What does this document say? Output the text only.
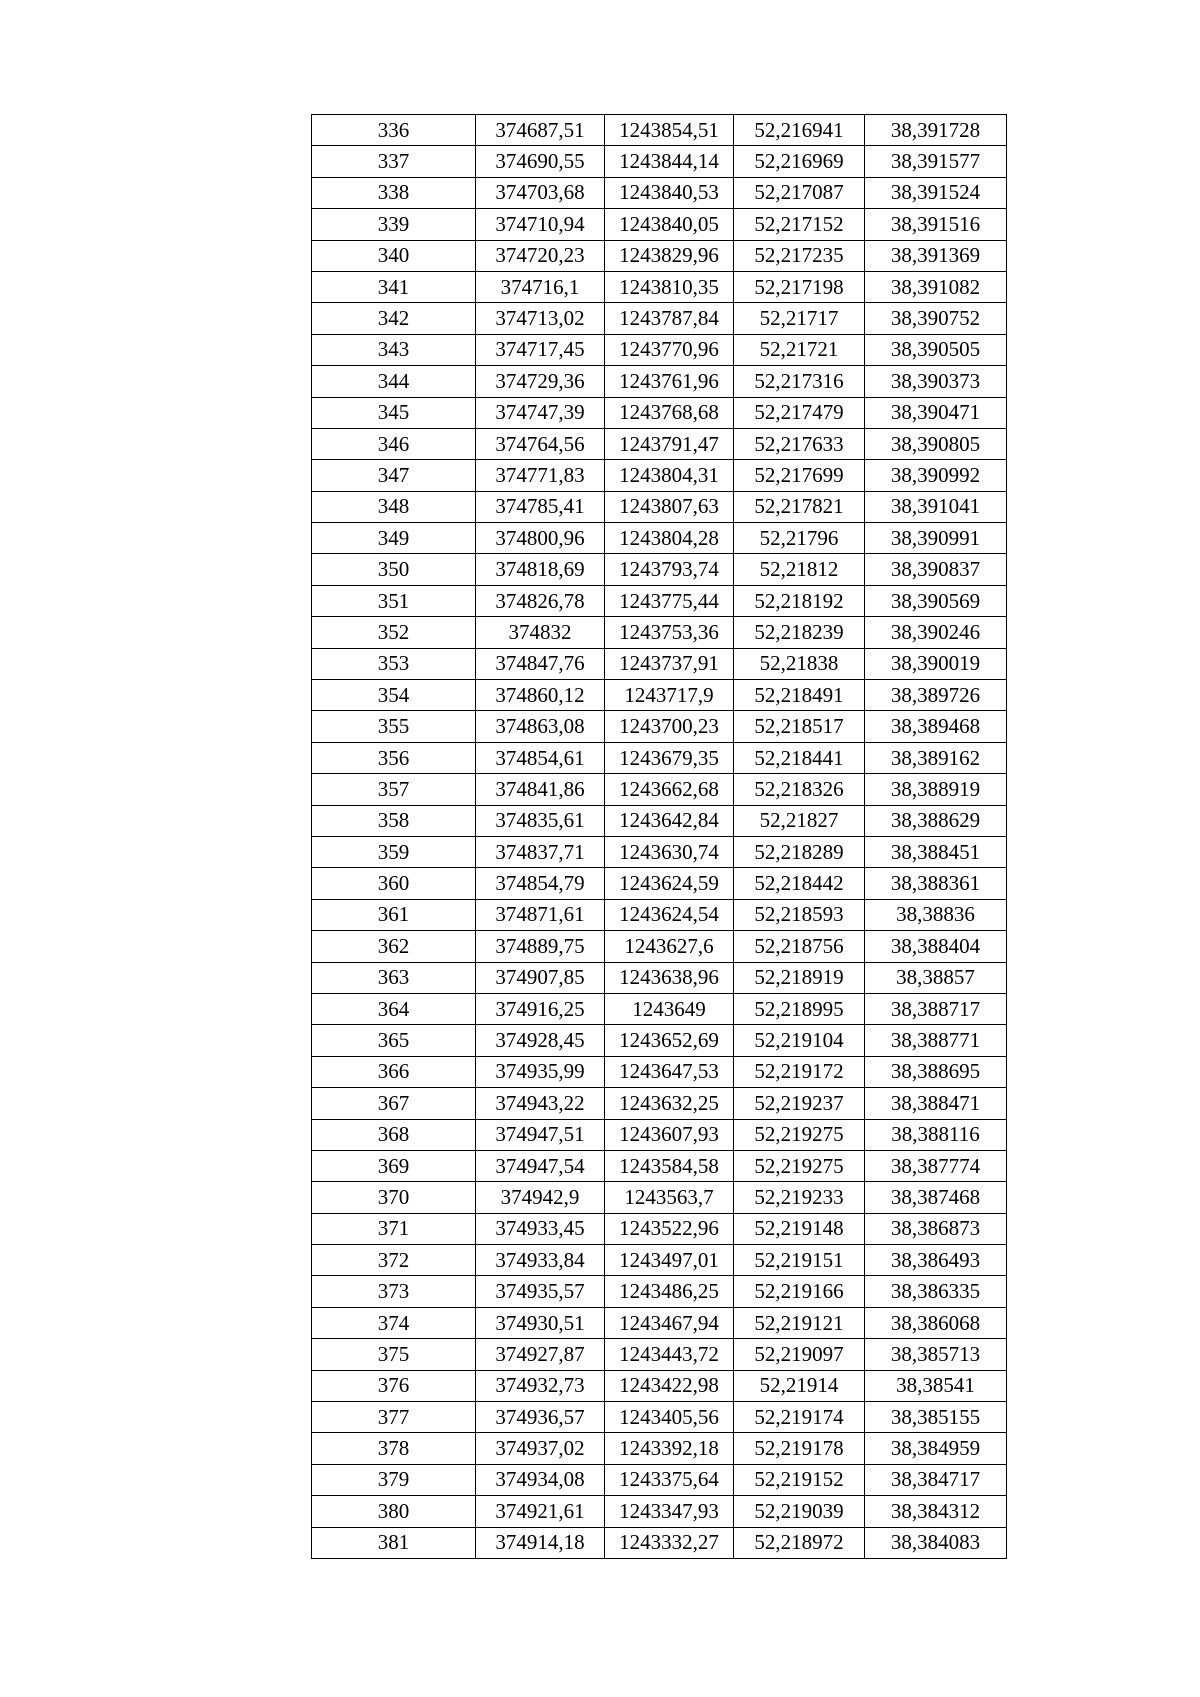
336	374687,51	1243854,51	52,216941	38,391728
337	374690,55	1243844,14	52,216969	38,391577
338	374703,68	1243840,53	52,217087	38,391524
339	374710,94	1243840,05	52,217152	38,391516
340	374720,23	1243829,96	52,217235	38,391369
341	374716,1	1243810,35	52,217198	38,391082
342	374713,02	1243787,84	52,21717	38,390752
343	374717,45	1243770,96	52,21721	38,390505
344	374729,36	1243761,96	52,217316	38,390373
345	374747,39	1243768,68	52,217479	38,390471
346	374764,56	1243791,47	52,217633	38,390805
347	374771,83	1243804,31	52,217699	38,390992
348	374785,41	1243807,63	52,217821	38,391041
349	374800,96	1243804,28	52,21796	38,390991
350	374818,69	1243793,74	52,21812	38,390837
351	374826,78	1243775,44	52,218192	38,390569
352	374832	1243753,36	52,218239	38,390246
353	374847,76	1243737,91	52,21838	38,390019
354	374860,12	1243717,9	52,218491	38,389726
355	374863,08	1243700,23	52,218517	38,389468
356	374854,61	1243679,35	52,218441	38,389162
357	374841,86	1243662,68	52,218326	38,388919
358	374835,61	1243642,84	52,21827	38,388629
359	374837,71	1243630,74	52,218289	38,388451
360	374854,79	1243624,59	52,218442	38,388361
361	374871,61	1243624,54	52,218593	38,38836
362	374889,75	1243627,6	52,218756	38,388404
363	374907,85	1243638,96	52,218919	38,38857
364	374916,25	1243649	52,218995	38,388717
365	374928,45	1243652,69	52,219104	38,388771
366	374935,99	1243647,53	52,219172	38,388695
367	374943,22	1243632,25	52,219237	38,388471
368	374947,51	1243607,93	52,219275	38,388116
369	374947,54	1243584,58	52,219275	38,387774
370	374942,9	1243563,7	52,219233	38,387468
371	374933,45	1243522,96	52,219148	38,386873
372	374933,84	1243497,01	52,219151	38,386493
373	374935,57	1243486,25	52,219166	38,386335
374	374930,51	1243467,94	52,219121	38,386068
375	374927,87	1243443,72	52,219097	38,385713
376	374932,73	1243422,98	52,21914	38,38541
377	374936,57	1243405,56	52,219174	38,385155
378	374937,02	1243392,18	52,219178	38,384959
379	374934,08	1243375,64	52,219152	38,384717
380	374921,61	1243347,93	52,219039	38,384312
381	374914,18	1243332,27	52,218972	38,384083
